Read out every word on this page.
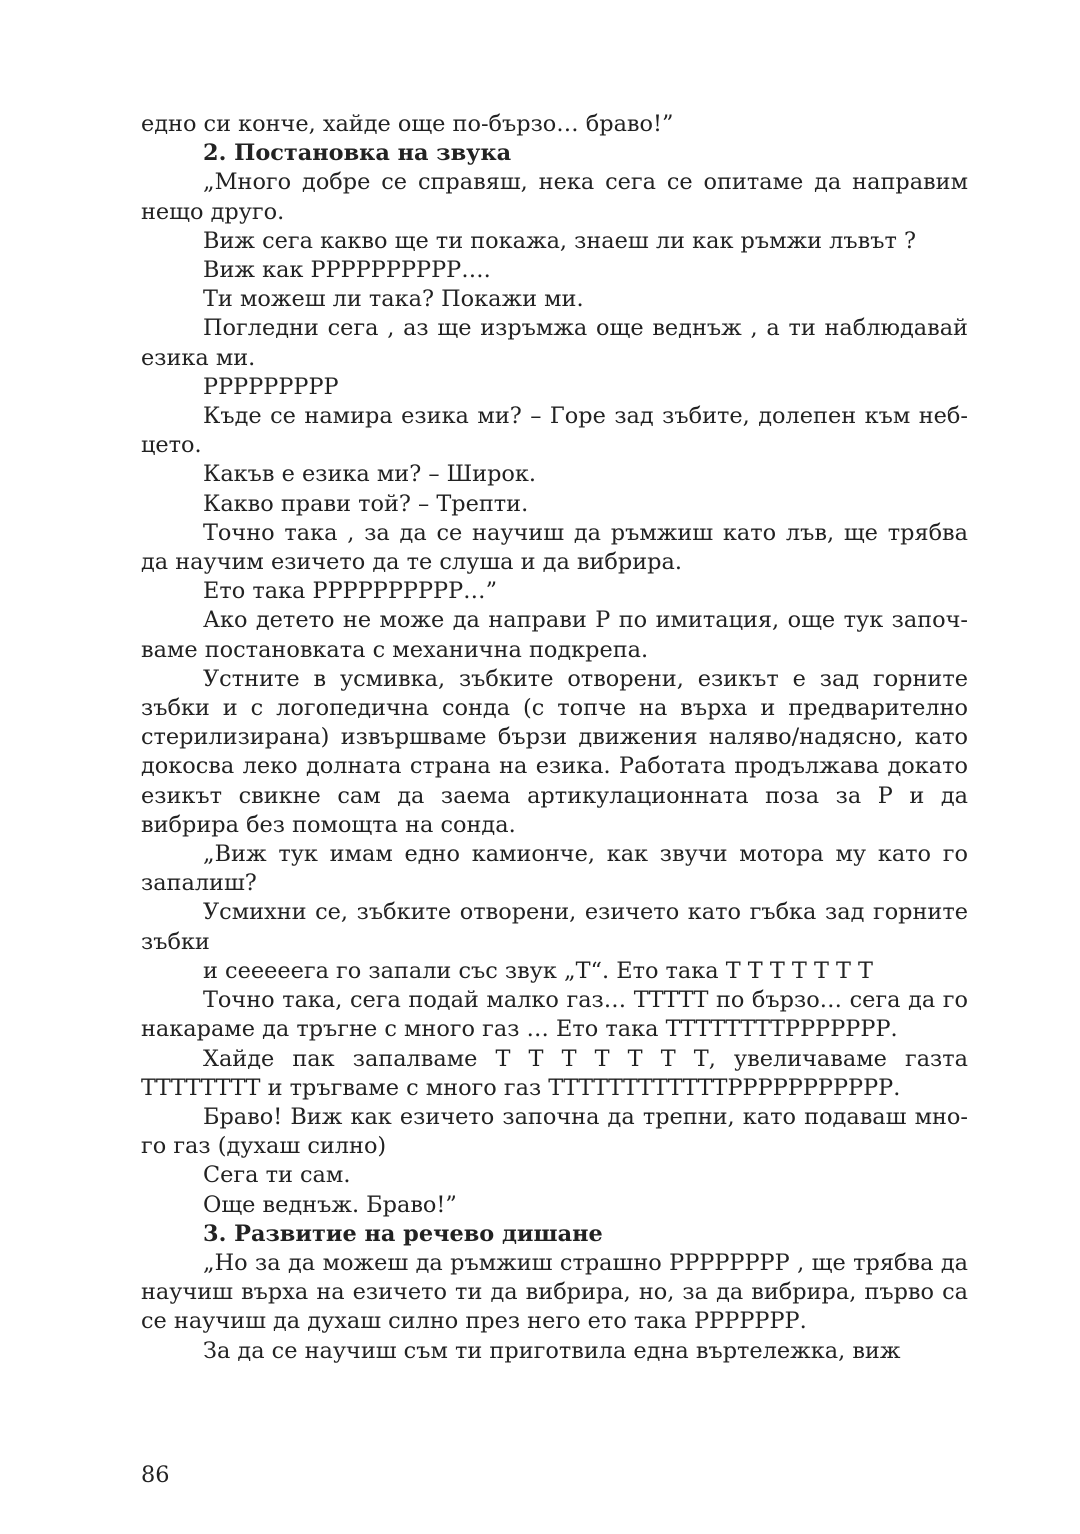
едно си конче, хайде още по-бързо… браво!”

2. Постановка на звука

„Много добре се справяш, нека сега се опитаме да направим нещо друго.

Виж сега какво ще ти покажа, знаеш ли как ръмжи лъвът ?

Виж как РРРРРРРРРР….

Ти можеш ли така? Покажи ми.

Погледни сега , аз ще изръмжа още веднъж , а ти наблюдавай езика ми.

РРРРРРРРР

Къде се намира езика ми? – Горе зад зъбите, долепен към небцето.

Какъв е езика ми? – Широк.

Какво прави той? – Трепти.

Точно така , за да се научиш да ръмжиш като лъв, ще трябва да научим езичето да те слуша и да вибрира.

Ето така РРРРРРРРРР…”

Ако детето не може да направи Р по имитация, още тук започваме постановката с механична подкрепа.

Устните в усмивка, зъбките отворени, езикът е зад горните зъбки и с логопедична сонда (с топче на върха и предварително стерилизирана) извършваме бързи движения наляво/надясно, като докосва леко долната страна на езика. Работата продължава докато езикът свикне сам да заема артикулационната поза за Р и да вибрира без помощта на сонда.

„Виж тук имам едно камионче, как звучи мотора му като го запалиш?

Усмихни се, зъбките отворени, езичето като гъбка зад горните зъбки

и сееееега го запали със звук „Т“. Ето така Т Т Т Т Т Т Т

Точно така, сега подай малко газ… ТТТТТ по бързо… сега да го накараме да тръгне с много газ … Ето така ТТТТТТТТРРРРРРР.

Хайде пак запалваме Т Т Т Т Т Т Т, увеличаваме газта ТТТТТТТТ и тръгваме с много газ ТТТТТТТТТТТТРРРРРРРРРРР.

Браво! Виж как езичето започна да трепни, като подаваш много газ (духаш силно)

Сега ти сам.

Още веднъж. Браво!”

3. Развитие на речево дишане

„Но за да можеш да ръмжиш страшно РРРРРРРР , ще трябва да научиш върха на езичето ти да вибрира, но, за да вибрира, първо са се научиш да духаш силно през него ето така РРРРРРР.

За да се научиш съм ти приготвила една въртележка, виж

86
